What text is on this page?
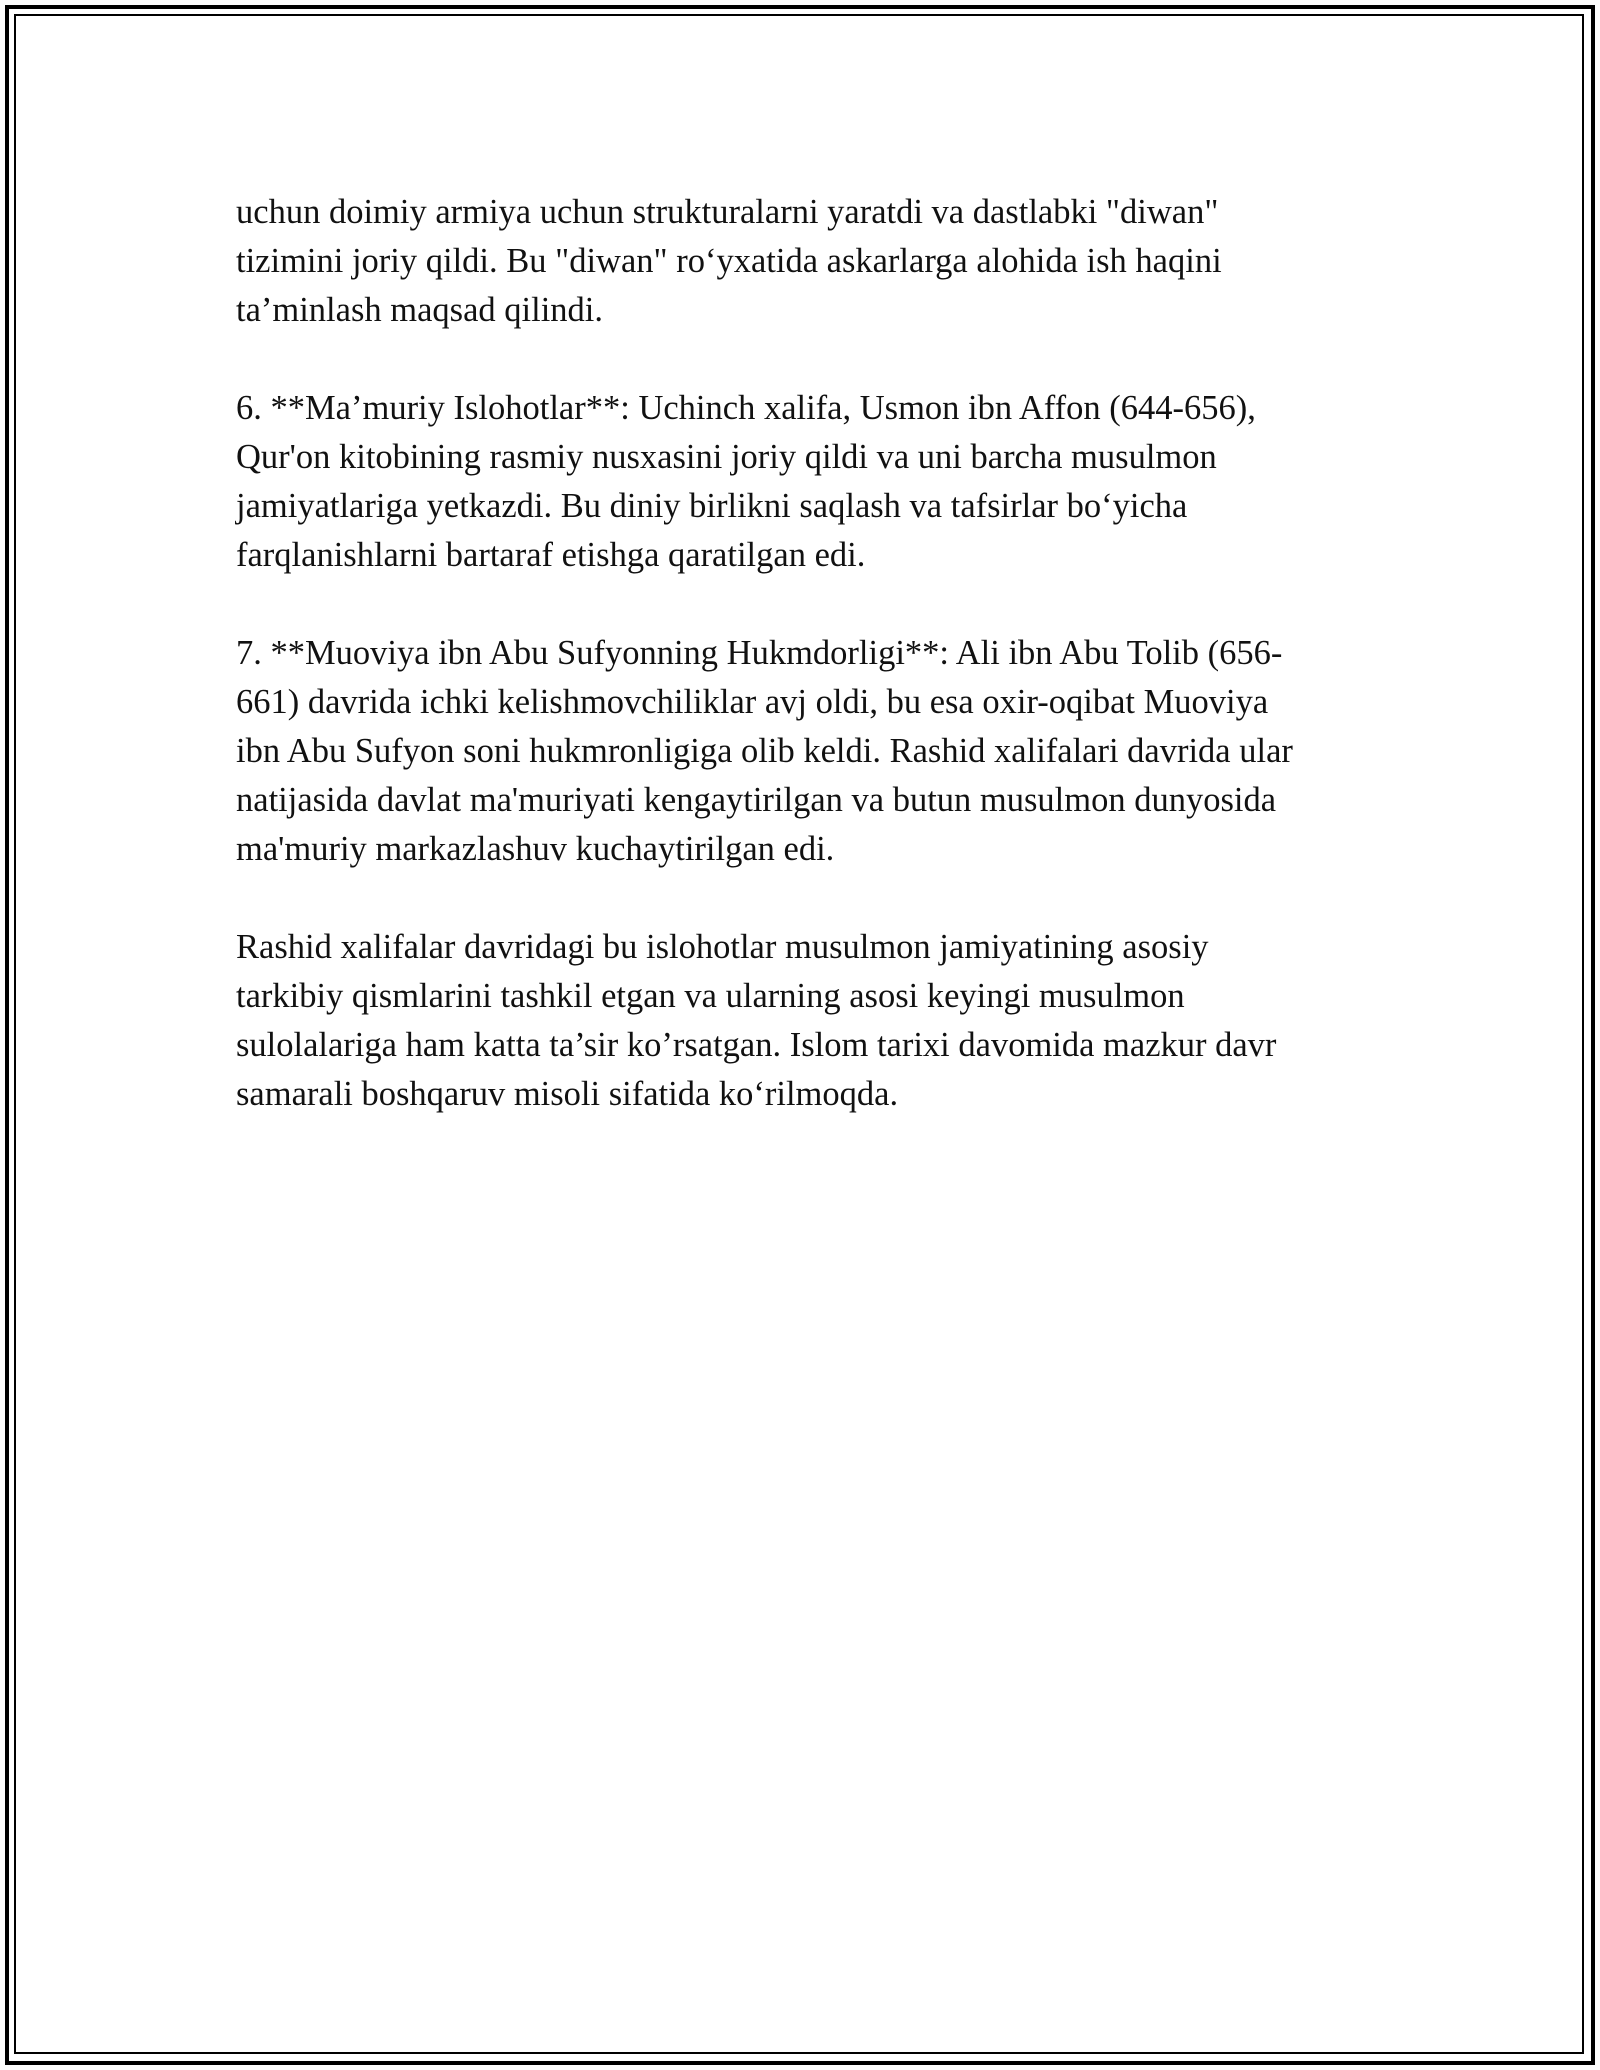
uchun doimiy armiya uchun strukturalarni yaratdi va dastlabki "diwan"
tizimini joriy qildi. Bu "diwan" ro‘yxatida askarlarga alohida ish haqini
ta’minlash maqsad qilindi.

6. **Ma’muriy Islohotlar**: Uchinch xalifa, Usmon ibn Affon (644-656),
Qur'on kitobining rasmiy nusxasini joriy qildi va uni barcha musulmon
jamiyatlariga yetkazdi. Bu diniy birlikni saqlash va tafsirlar bo‘yicha
farqlanishlarni bartaraf etishga qaratilgan edi.

7. **Muoviya ibn Abu Sufyonning Hukmdorligi**: Ali ibn Abu Tolib (656-
661) davrida ichki kelishmovchiliklar avj oldi, bu esa oxir-oqibat Muoviya
ibn Abu Sufyon soni hukmronligiga olib keldi. Rashid xalifalari davrida ular
natijasida davlat ma'muriyati kengaytirilgan va butun musulmon dunyosida
ma'muriy markazlashuv kuchaytirilgan edi.

Rashid xalifalar davridagi bu islohotlar musulmon jamiyatining asosiy
tarkibiy qismlarini tashkil etgan va ularning asosi keyingi musulmon
sulolalariga ham katta ta’sir ko’rsatgan. Islom tarixi davomida mazkur davr
samarali boshqaruv misoli sifatida ko‘rilmoqda.
